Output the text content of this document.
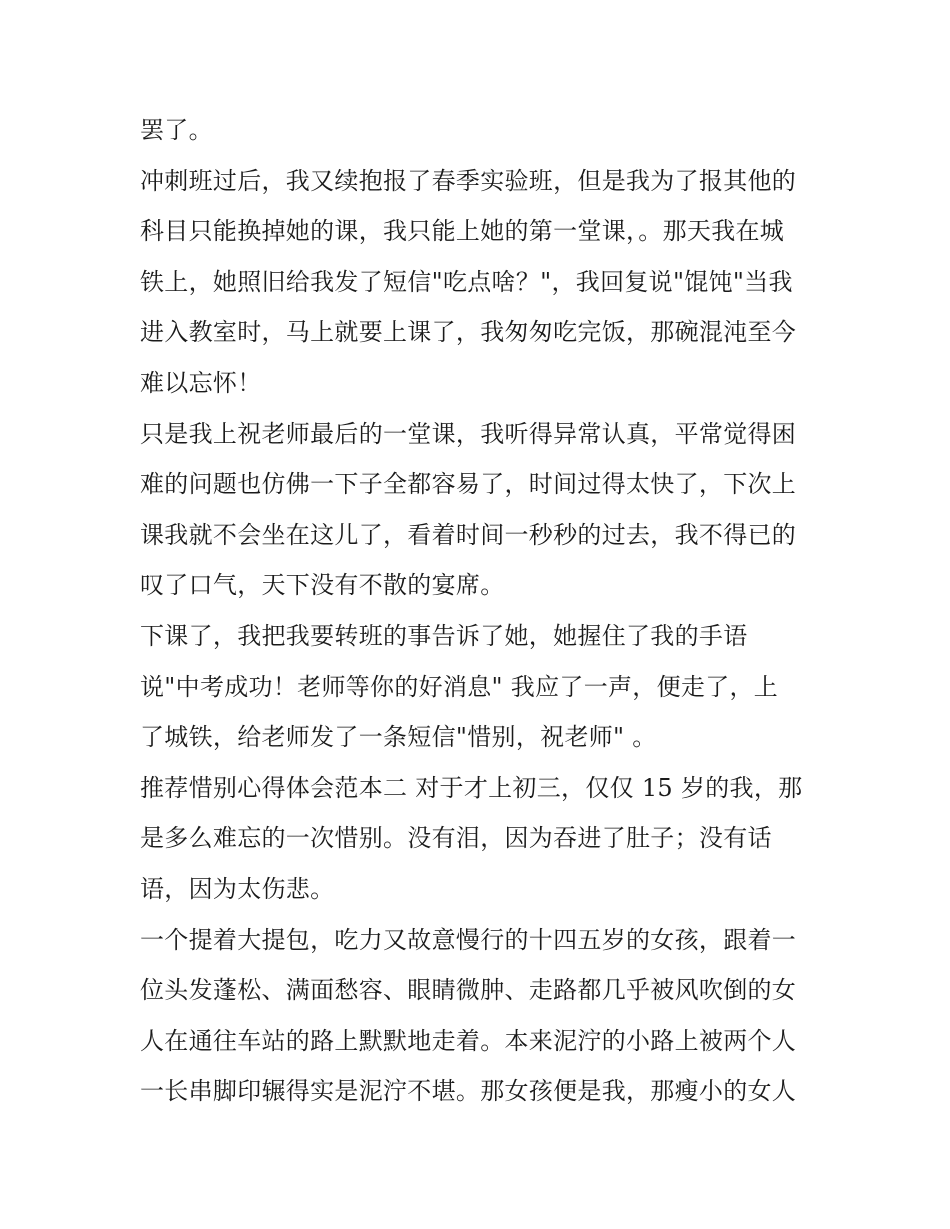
罢了。
冲刺班过后，我又续抱报了春季实验班，但是我为了报其他的
科目只能换掉她的课，我只能上她的第一堂课，。那天我在城
铁上，她照旧给我发了短信"吃点啥？"，我回复说"馄饨"当我
进入教室时，马上就要上课了，我匆匆吃完饭，那碗混沌至今
难以忘怀！
只是我上祝老师最后的一堂课，我听得异常认真，平常觉得困
难的问题也仿佛一下子全都容易了，时间过得太快了，下次上
课我就不会坐在这儿了，看着时间一秒秒的过去，我不得已的
叹了口气，天下没有不散的宴席。
下课了，我把我要转班的事告诉了她，她握住了我的手语
说"中考成功！老师等你的好消息" 我应了一声，便走了，上
了城铁，给老师发了一条短信"惜别，祝老师" 。
推荐惜别心得体会范本二 对于才上初三，仅仅 15 岁的我，那
是多么难忘的一次惜别。没有泪，因为吞进了肚子；没有话
语，因为太伤悲。
一个提着大提包，吃力又故意慢行的十四五岁的女孩，跟着一
位头发蓬松、满面愁容、眼睛微肿、走路都几乎被风吹倒的女
人在通往车站的路上默默地走着。本来泥泞的小路上被两个人
一长串脚印辗得实是泥泞不堪。那女孩便是我，那瘦小的女人
